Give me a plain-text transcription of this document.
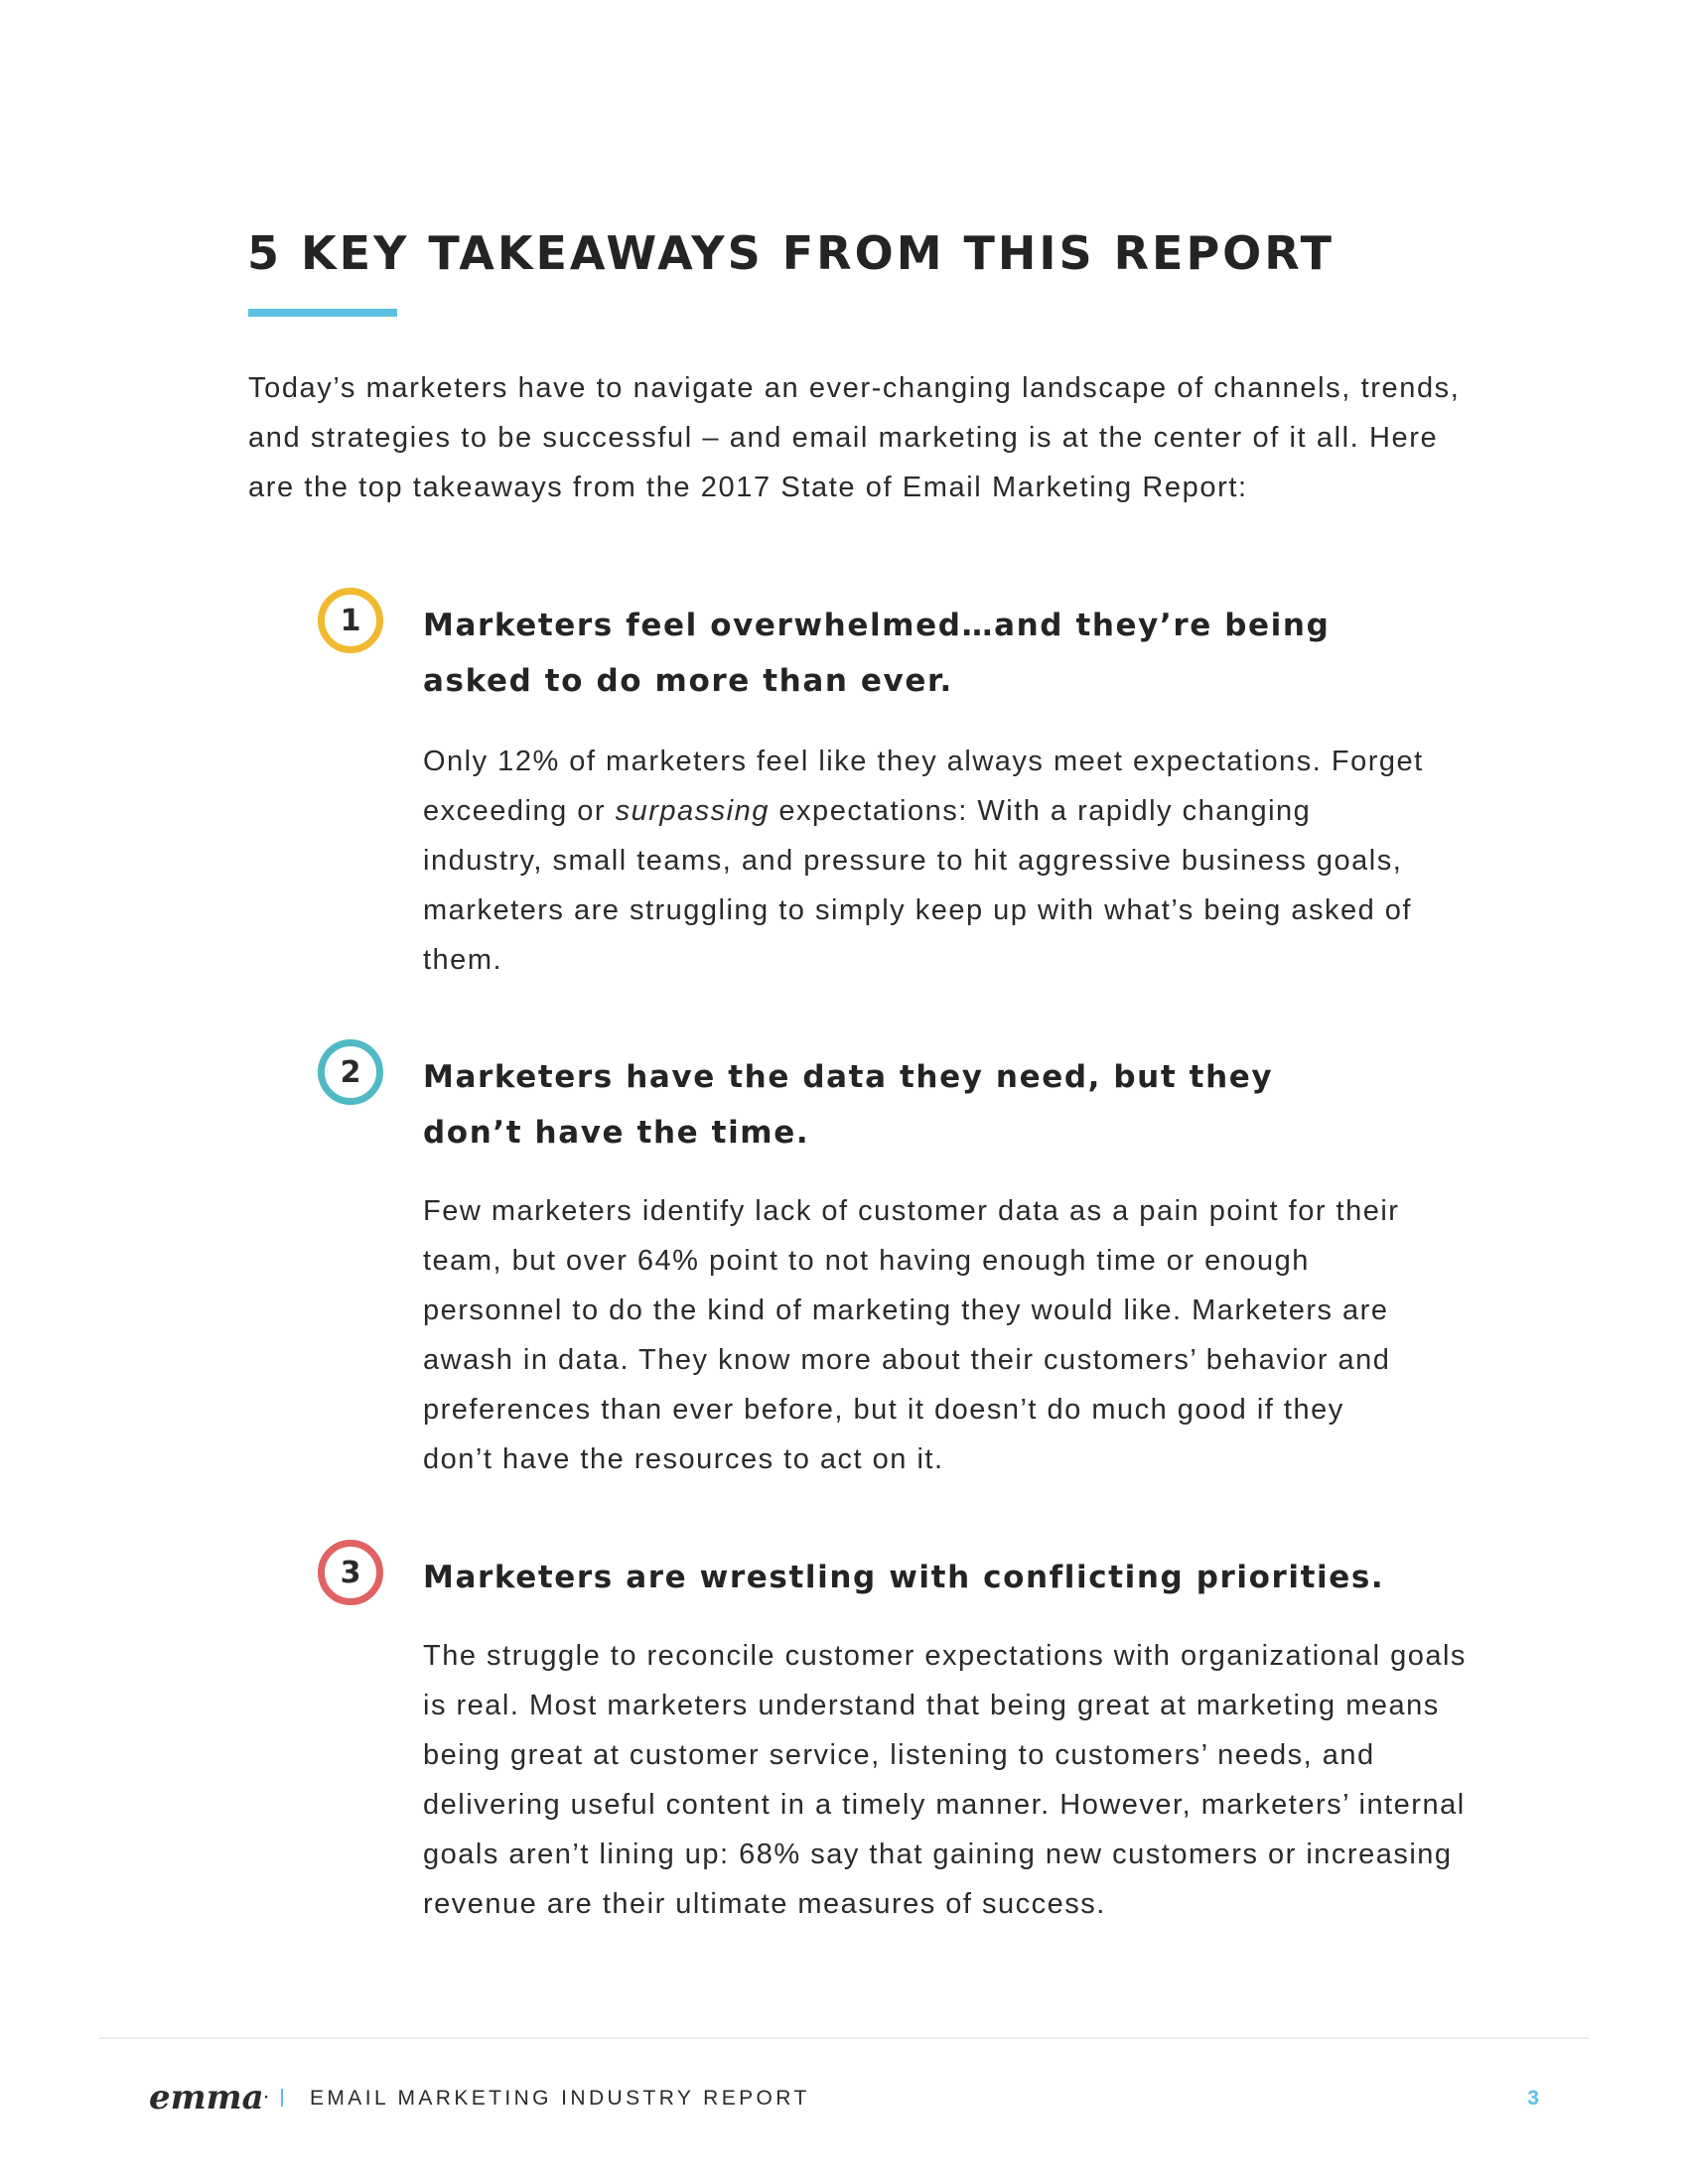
5 KEY TAKEAWAYS FROM THIS REPORT

Today’s marketers have to navigate an ever-changing landscape of channels, trends, and strategies to be successful – and email marketing is at the center of it all. Here are the top takeaways from the 2017 State of Email Marketing Report:

1	Marketers feel overwhelmed…and they’re being asked to do more than ever.

Only 12% of marketers feel like they always meet expectations. Forget exceeding or surpassing expectations: With a rapidly changing industry, small teams, and pressure to hit aggressive business goals, marketers are struggling to simply keep up with what’s being asked of them.

2	Marketers have the data they need, but they don’t have the time.

Few marketers identify lack of customer data as a pain point for their team, but over 64% point to not having enough time or enough personnel to do the kind of marketing they would like. Marketers are awash in data. They know more about their customers’ behavior and preferences than ever before, but it doesn’t do much good if they don’t have the resources to act on it.

3	Marketers are wrestling with conflicting priorities.

The struggle to reconcile customer expectations with organizational goals is real. Most marketers understand that being great at marketing means being great at customer service, listening to customers’ needs, and delivering useful content in a timely manner. However, marketers’ internal goals aren’t lining up: 68% say that gaining new customers or increasing revenue are their ultimate measures of success.

emma· EMAIL MARKETING INDUSTRY REPORT	3
